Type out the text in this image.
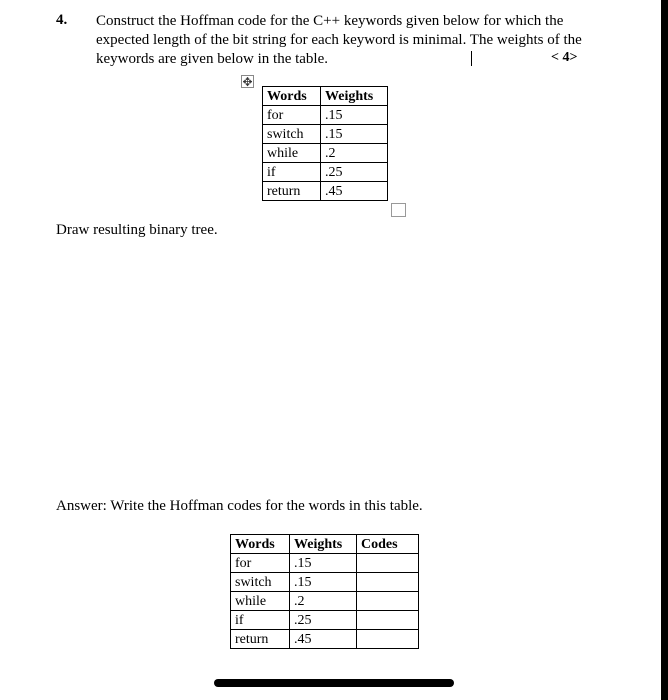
4. Construct the Hoffman code for the C++ keywords given below for which the expected length of the bit string for each keyword is minimal. The weights of the keywords are given below in the table.	< 4>
✥
Words	Weights
for	.15
switch	.15
while	.2
if	.25
return	.45
Draw resulting binary tree.
Answer: Write the Hoffman codes for the words in this table.
Words	Weights	Codes
for	.15	
switch	.15	
while	.2	
if	.25	
return	.45	
